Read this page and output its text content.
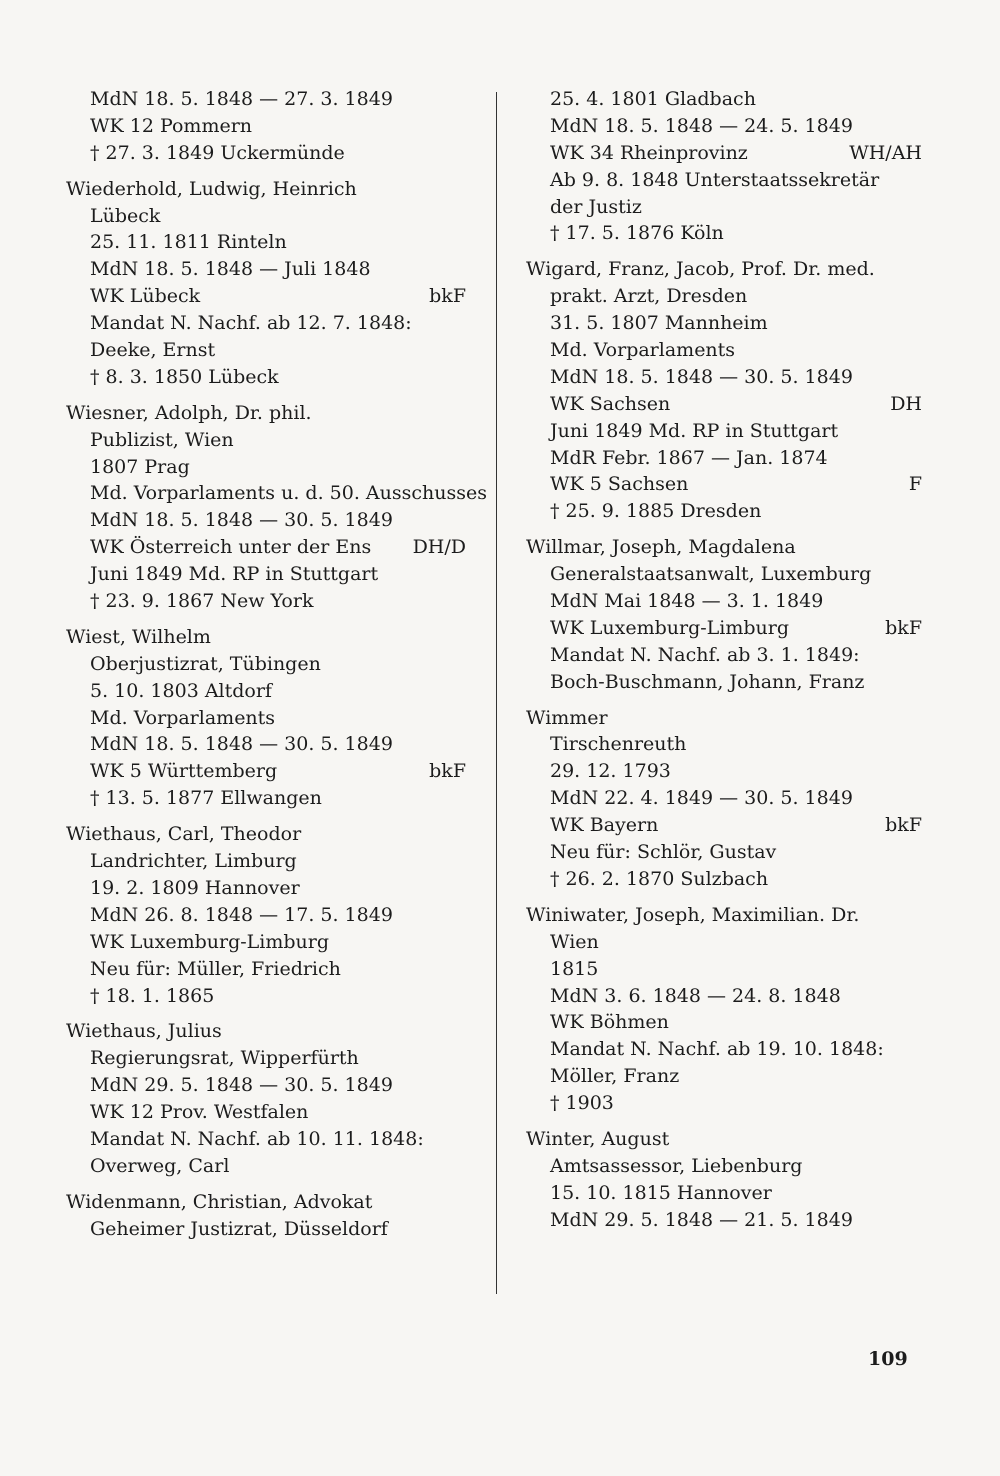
MdN 18. 5. 1848 — 27. 3. 1849
WK 12 Pommern
† 27. 3. 1849 Uckermünde
Wiederhold, Ludwig, Heinrich
Lübeck
25. 11. 1811 Rinteln
MdN 18. 5. 1848 — Juli 1848
WK Lübeck	bkF
Mandat N. Nachf. ab 12. 7. 1848:
Deeke, Ernst
† 8. 3. 1850 Lübeck
Wiesner, Adolph, Dr. phil.
Publizist, Wien
1807 Prag
Md. Vorparlaments u. d. 50. Ausschusses
MdN 18. 5. 1848 — 30. 5. 1849
WK Österreich unter der Ens DH/D
Juni 1849 Md. RP in Stuttgart
† 23. 9. 1867 New York
Wiest, Wilhelm
Oberjustizrat, Tübingen
5. 10. 1803 Altdorf
Md. Vorparlaments
MdN 18. 5. 1848 — 30. 5. 1849
WK 5 Württemberg	bkF
† 13. 5. 1877 Ellwangen
Wiethaus, Carl, Theodor
Landrichter, Limburg
19. 2. 1809 Hannover
MdN 26. 8. 1848 — 17. 5. 1849
WK Luxemburg-Limburg
Neu für: Müller, Friedrich
† 18. 1. 1865
Wiethaus, Julius
Regierungsrat, Wipperfürth
MdN 29. 5. 1848 — 30. 5. 1849
WK 12 Prov. Westfalen
Mandat N. Nachf. ab 10. 11. 1848:
Overweg, Carl
Widenmann, Christian, Advokat
Geheimer Justizrat, Düsseldorf
25. 4. 1801 Gladbach
MdN 18. 5. 1848 — 24. 5. 1849
WK 34 Rheinprovinz	WH/AH
Ab 9. 8. 1848 Unterstaatssekretär
der Justiz
† 17. 5. 1876 Köln
Wigard, Franz, Jacob, Prof. Dr. med.
prakt. Arzt, Dresden
31. 5. 1807 Mannheim
Md. Vorparlaments
MdN 18. 5. 1848 — 30. 5. 1849
WK Sachsen	DH
Juni 1849 Md. RP in Stuttgart
MdR Febr. 1867 — Jan. 1874
WK 5 Sachsen	F
† 25. 9. 1885 Dresden
Willmar, Joseph, Magdalena
Generalstaatsanwalt, Luxemburg
MdN Mai 1848 — 3. 1. 1849
WK Luxemburg-Limburg	bkF
Mandat N. Nachf. ab 3. 1. 1849:
Boch-Buschmann, Johann, Franz
Wimmer
Tirschenreuth
29. 12. 1793
MdN 22. 4. 1849 — 30. 5. 1849
WK Bayern	bkF
Neu für: Schlör, Gustav
† 26. 2. 1870 Sulzbach
Winiwater, Joseph, Maximilian. Dr.
Wien
1815
MdN 3. 6. 1848 — 24. 8. 1848
WK Böhmen
Mandat N. Nachf. ab 19. 10. 1848:
Möller, Franz
† 1903
Winter, August
Amtsassessor, Liebenburg
15. 10. 1815 Hannover
MdN 29. 5. 1848 — 21. 5. 1849
109
